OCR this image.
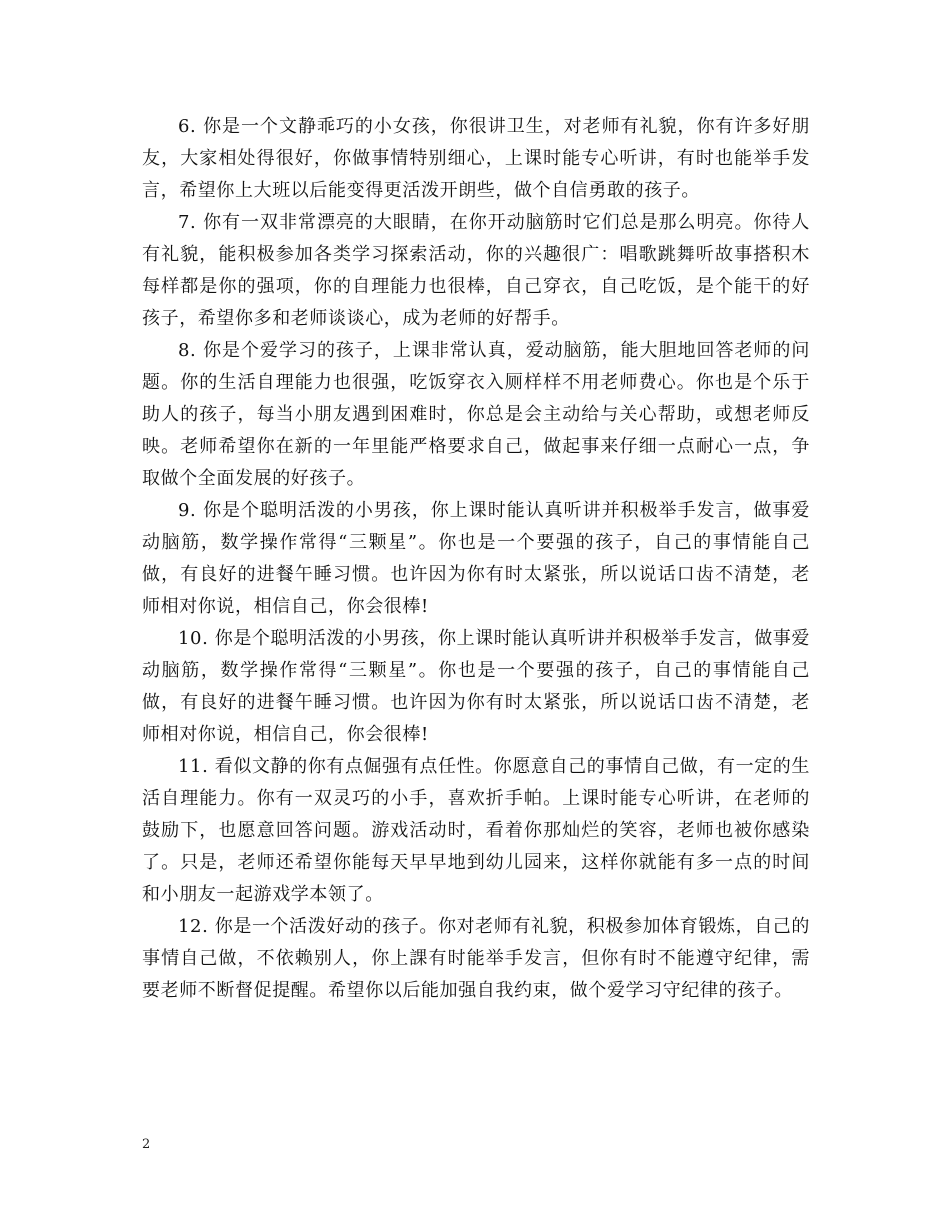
6. 你是一个文静乖巧的小女孩，你很讲卫生，对老师有礼貌，你有许多好朋友，大家相处得很好，你做事情特别细心，上课时能专心听讲，有时也能举手发言，希望你上大班以后能变得更活泼开朗些，做个自信勇敢的孩子。

7. 你有一双非常漂亮的大眼睛，在你开动脑筋时它们总是那么明亮。你待人有礼貌，能积极参加各类学习探索活动，你的兴趣很广：唱歌跳舞听故事搭积木每样都是你的强项，你的自理能力也很棒，自己穿衣，自己吃饭，是个能干的好孩子，希望你多和老师谈谈心，成为老师的好帮手。

8. 你是个爱学习的孩子，上课非常认真，爱动脑筋，能大胆地回答老师的问题。你的生活自理能力也很强，吃饭穿衣入厕样样不用老师费心。你也是个乐于助人的孩子，每当小朋友遇到困难时，你总是会主动给与关心帮助，或想老师反映。老师希望你在新的一年里能严格要求自己，做起事来仔细一点耐心一点，争取做个全面发展的好孩子。

9. 你是个聪明活泼的小男孩，你上课时能认真听讲并积极举手发言，做事爱动脑筋，数学操作常得“三颗星”。你也是一个要强的孩子，自己的事情能自己做，有良好的进餐午睡习惯。也许因为你有时太紧张，所以说话口齿不清楚，老师相对你说，相信自己，你会很棒!

10. 你是个聪明活泼的小男孩，你上课时能认真听讲并积极举手发言，做事爱动脑筋，数学操作常得“三颗星”。你也是一个要强的孩子，自己的事情能自己做，有良好的进餐午睡习惯。也许因为你有时太紧张，所以说话口齿不清楚，老师相对你说，相信自己，你会很棒!

11. 看似文静的你有点倔强有点任性。你愿意自己的事情自己做，有一定的生活自理能力。你有一双灵巧的小手，喜欢折手帕。上课时能专心听讲，在老师的鼓励下，也愿意回答问题。游戏活动时，看着你那灿烂的笑容，老师也被你感染了。只是，老师还希望你能每天早早地到幼儿园来，这样你就能有多一点的时间和小朋友一起游戏学本领了。

12. 你是一个活泼好动的孩子。你对老师有礼貌，积极参加体育锻炼，自己的事情自己做，不依赖别人，你上課有时能举手发言，但你有时不能遵守纪律，需要老师不断督促提醒。希望你以后能加强自我约束，做个爱学习守纪律的孩子。

2
